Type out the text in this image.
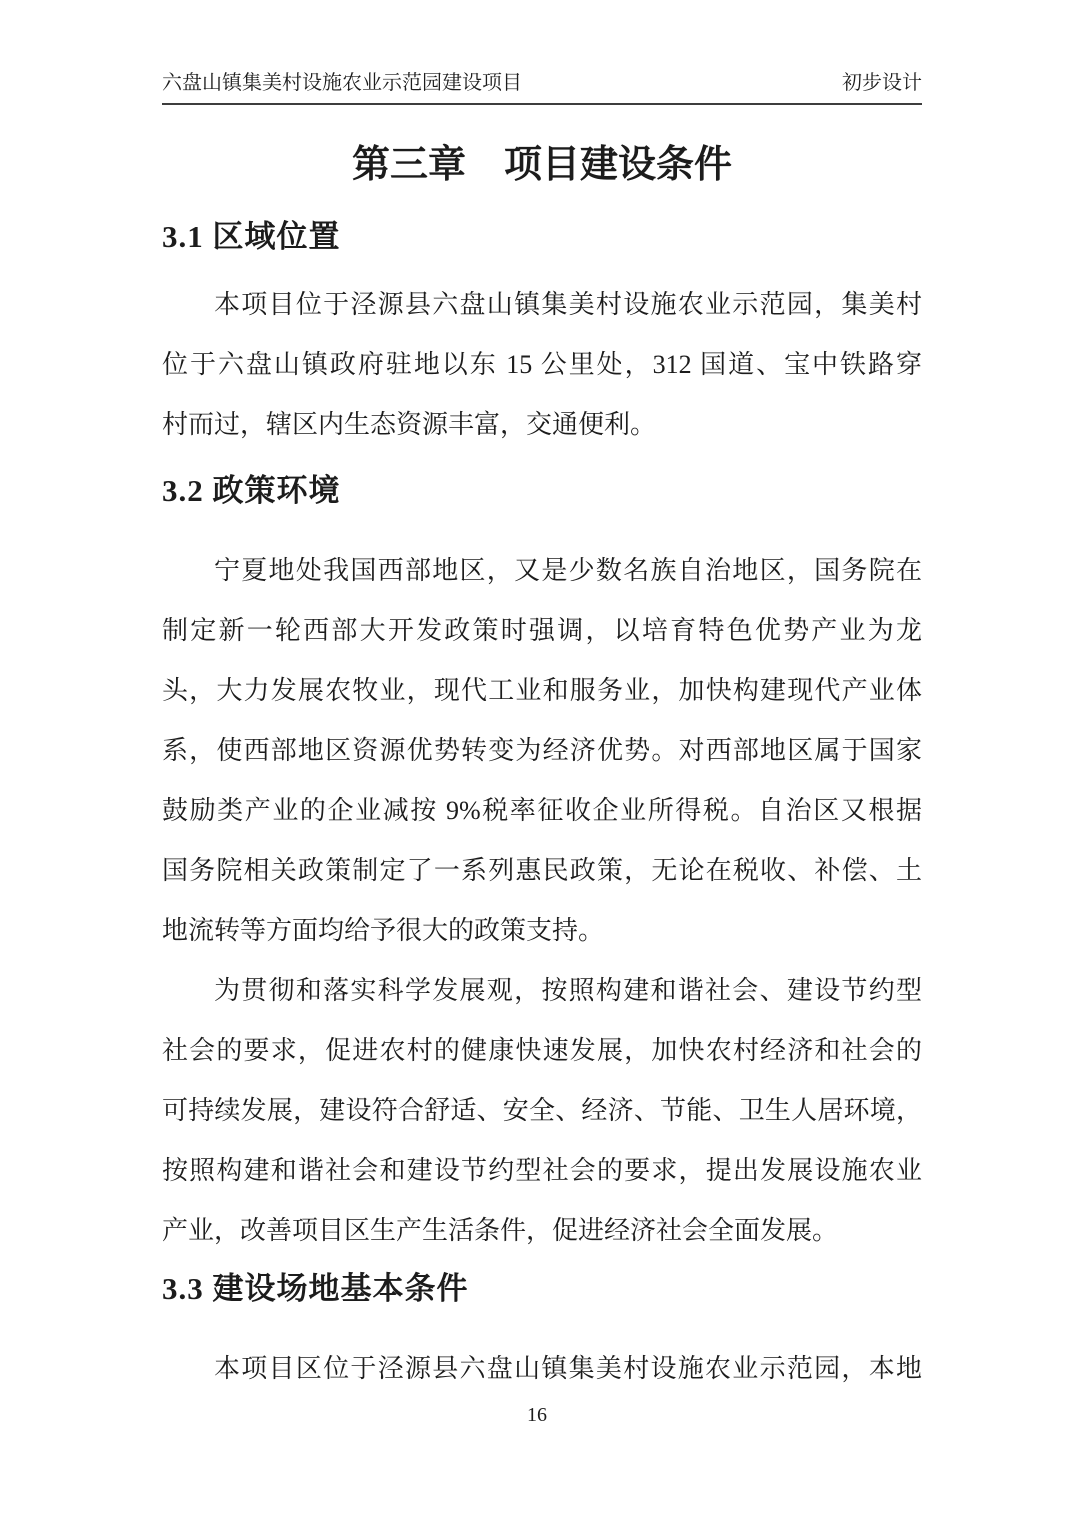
六盘山镇集美村设施农业示范园建设项目	初步设计
第三章　项目建设条件
3.1 区域位置
本项目位于泾源县六盘山镇集美村设施农业示范园，集美村
位于六盘山镇政府驻地以东 15 公里处，312 国道、宝中铁路穿
村而过，辖区内生态资源丰富，交通便利。
3.2 政策环境
宁夏地处我国西部地区，又是少数名族自治地区，国务院在
制定新一轮西部大开发政策时强调，以培育特色优势产业为龙
头，大力发展农牧业，现代工业和服务业，加快构建现代产业体
系，使西部地区资源优势转变为经济优势。对西部地区属于国家
鼓励类产业的企业减按 9%税率征收企业所得税。自治区又根据
国务院相关政策制定了一系列惠民政策，无论在税收、补偿、土
地流转等方面均给予很大的政策支持。
为贯彻和落实科学发展观，按照构建和谐社会、建设节约型
社会的要求，促进农村的健康快速发展，加快农村经济和社会的
可持续发展，建设符合舒适、安全、经济、节能、卫生人居环境，
按照构建和谐社会和建设节约型社会的要求，提出发展设施农业
产业，改善项目区生产生活条件，促进经济社会全面发展。
3.3 建设场地基本条件
本项目区位于泾源县六盘山镇集美村设施农业示范园，本地
16
